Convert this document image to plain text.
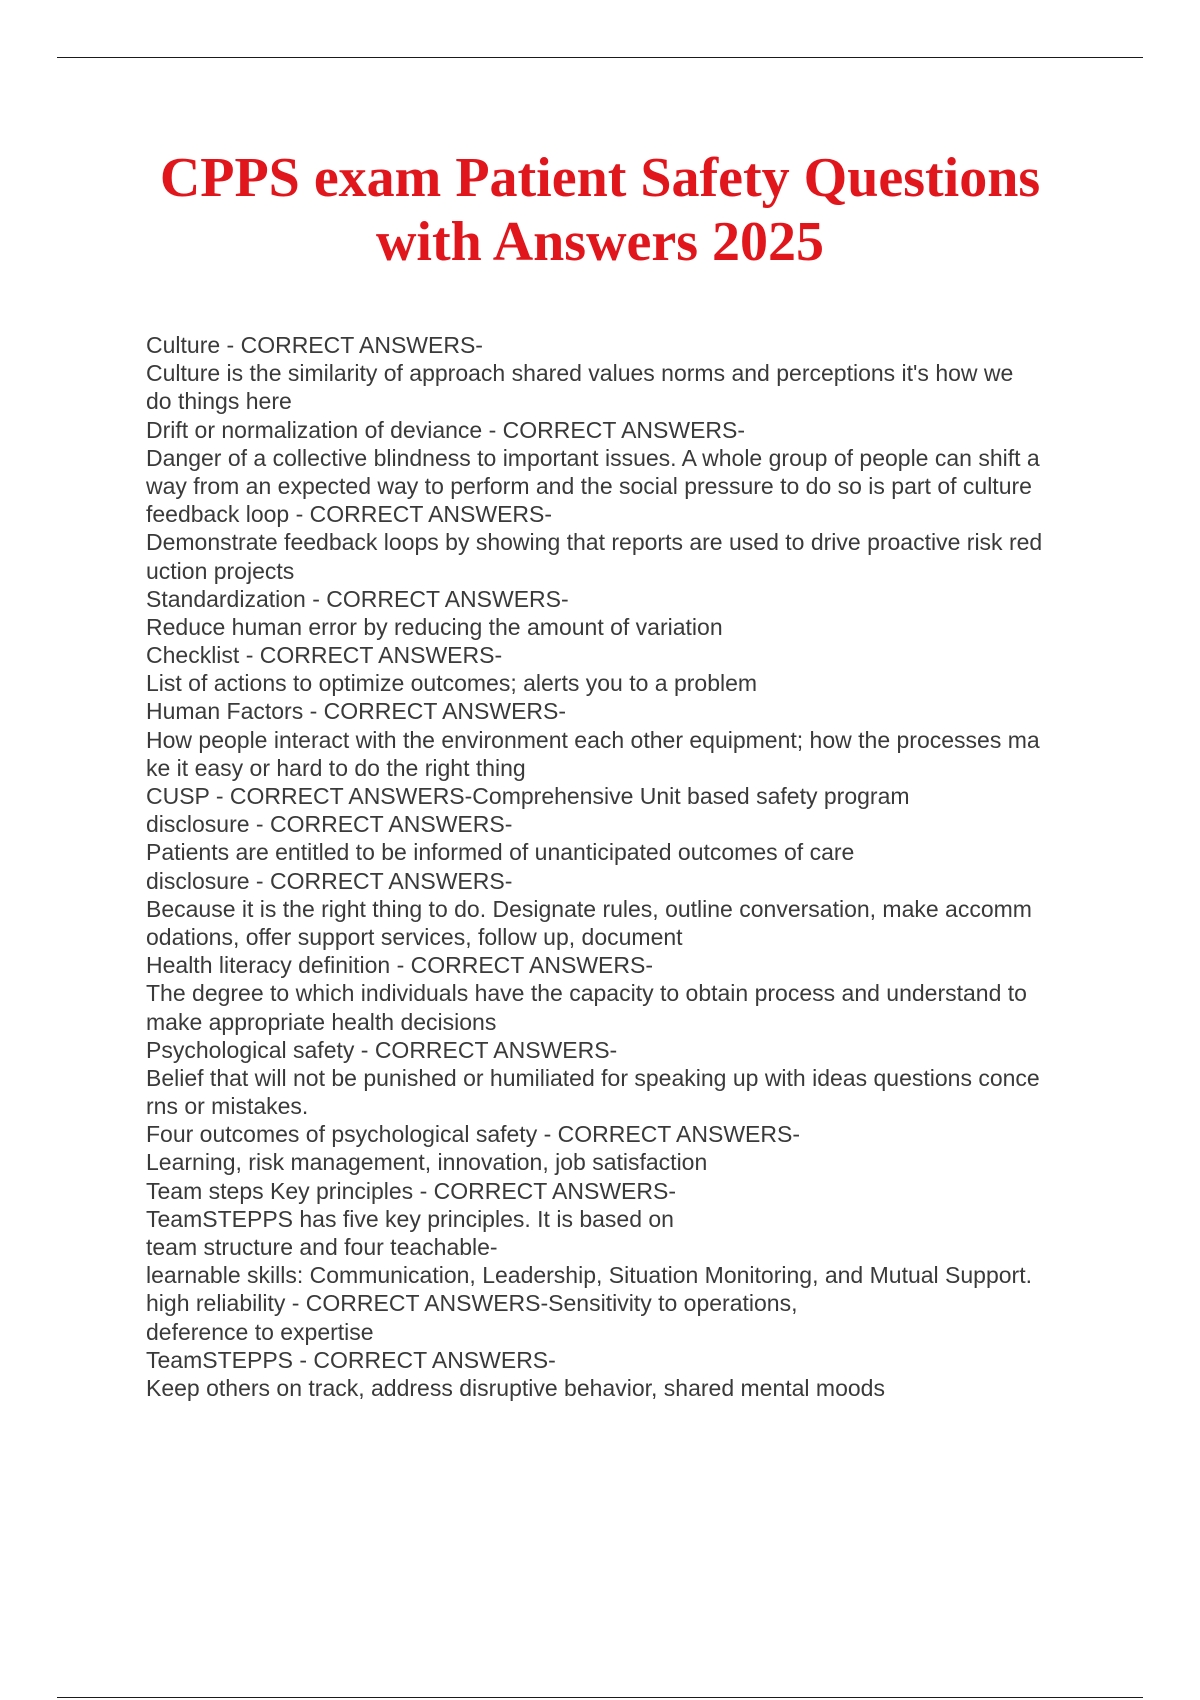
CPPS exam Patient Safety Questions
with Answers 2025
Culture - CORRECT ANSWERS-
Culture is the similarity of approach shared values norms and perceptions it's how we
do things here
Drift or normalization of deviance - CORRECT ANSWERS-
Danger of a collective blindness to important issues. A whole group of people can shift a
way from an expected way to perform and the social pressure to do so is part of culture
feedback loop - CORRECT ANSWERS-
Demonstrate feedback loops by showing that reports are used to drive proactive risk red
uction projects
Standardization - CORRECT ANSWERS-
Reduce human error by reducing the amount of variation
Checklist - CORRECT ANSWERS-
List of actions to optimize outcomes; alerts you to a problem
Human Factors - CORRECT ANSWERS-
How people interact with the environment each other equipment; how the processes ma
ke it easy or hard to do the right thing
CUSP - CORRECT ANSWERS-Comprehensive Unit based safety program
disclosure - CORRECT ANSWERS-
Patients are entitled to be informed of unanticipated outcomes of care
disclosure - CORRECT ANSWERS-
Because it is the right thing to do. Designate rules, outline conversation, make accomm
odations, offer support services, follow up, document
Health literacy definition - CORRECT ANSWERS-
The degree to which individuals have the capacity to obtain process and understand to
make appropriate health decisions
Psychological safety - CORRECT ANSWERS-
Belief that will not be punished or humiliated for speaking up with ideas questions conce
rns or mistakes.
Four outcomes of psychological safety - CORRECT ANSWERS-
Learning, risk management, innovation, job satisfaction
Team steps Key principles - CORRECT ANSWERS-
TeamSTEPPS has five key principles. It is based on
team structure and four teachable-
learnable skills: Communication, Leadership, Situation Monitoring, and Mutual Support.
high reliability - CORRECT ANSWERS-Sensitivity to operations,
deference to expertise
TeamSTEPPS - CORRECT ANSWERS-
Keep others on track, address disruptive behavior, shared mental moods
